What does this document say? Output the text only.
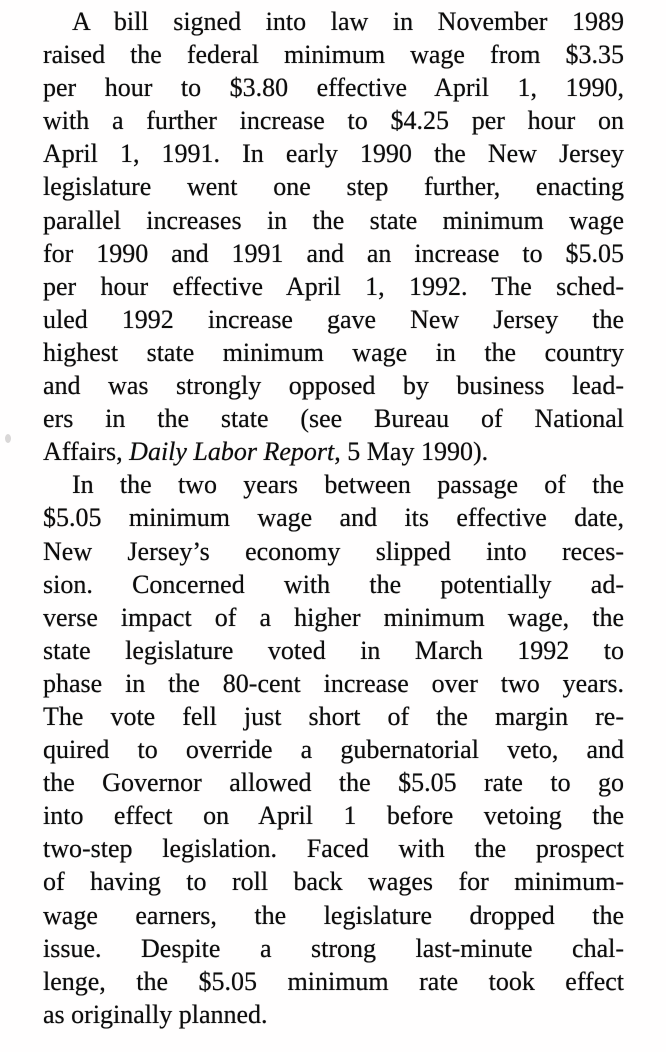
A bill signed into law in November 1989
raised the federal minimum wage from $3.35
per hour to $3.80 effective April 1, 1990,
with a further increase to $4.25 per hour on
April 1, 1991. In early 1990 the New Jersey
legislature went one step further, enacting
parallel increases in the state minimum wage
for 1990 and 1991 and an increase to $5.05
per hour effective April 1, 1992. The sched-
uled 1992 increase gave New Jersey the
highest state minimum wage in the country
and was strongly opposed by business lead-
ers in the state (see Bureau of National
Affairs, Daily Labor Report, 5 May 1990).
In the two years between passage of the
$5.05 minimum wage and its effective date,
New Jersey’s economy slipped into reces-
sion. Concerned with the potentially ad-
verse impact of a higher minimum wage, the
state legislature voted in March 1992 to
phase in the 80-cent increase over two years.
The vote fell just short of the margin re-
quired to override a gubernatorial veto, and
the Governor allowed the $5.05 rate to go
into effect on April 1 before vetoing the
two-step legislation. Faced with the prospect
of having to roll back wages for minimum-
wage earners, the legislature dropped the
issue. Despite a strong last-minute chal-
lenge, the $5.05 minimum rate took effect
as originally planned.
